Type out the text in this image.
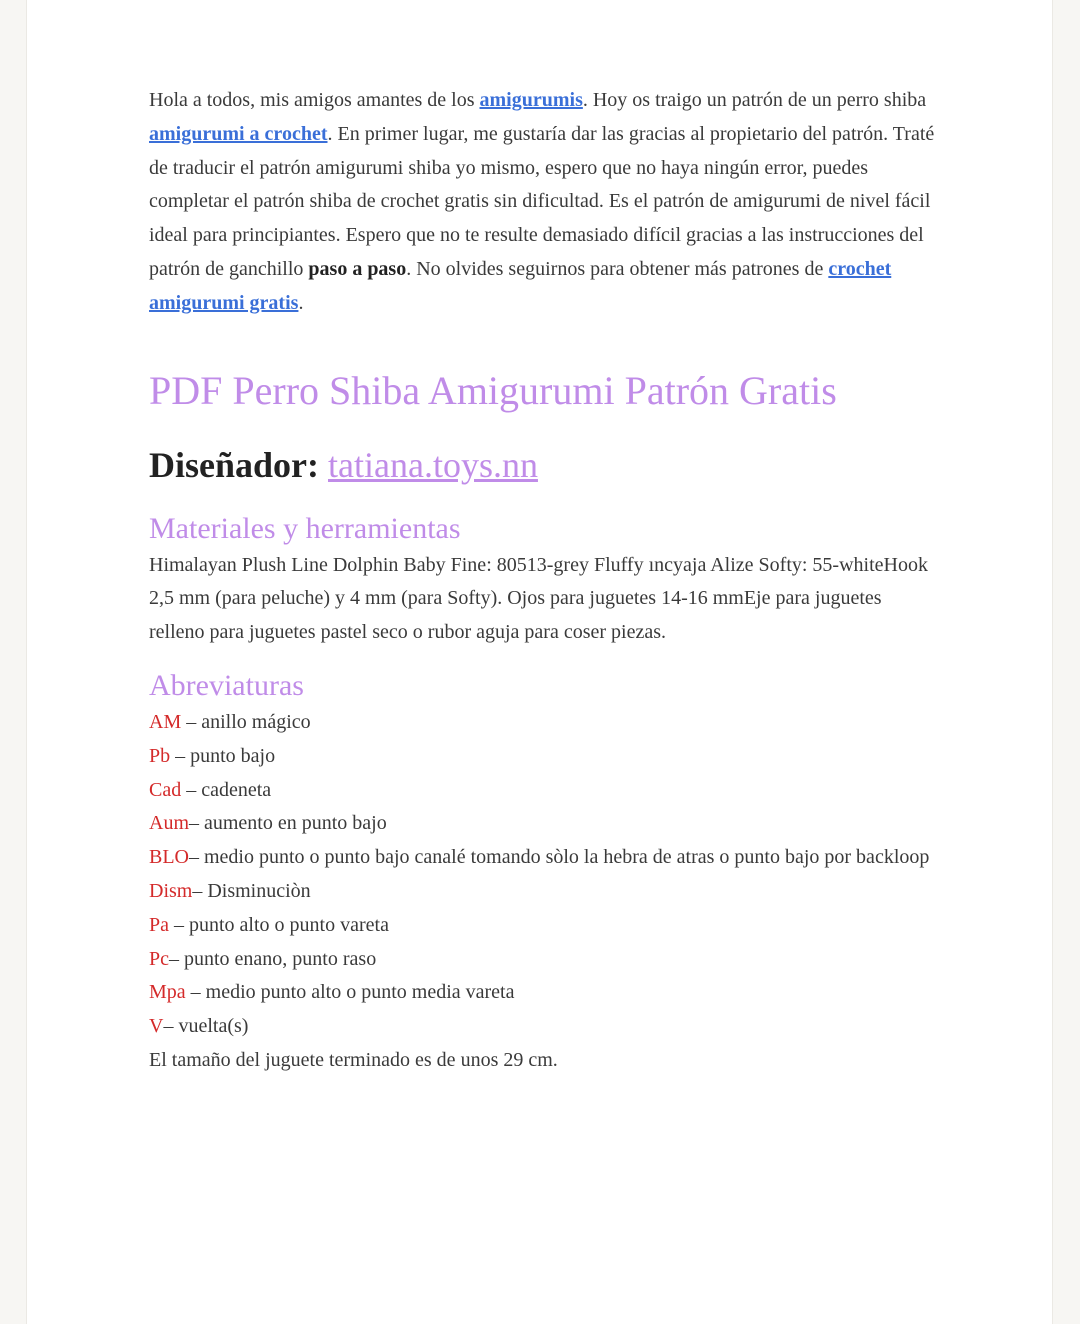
Hola a todos, mis amigos amantes de los amigurumis. Hoy os traigo un patrón de un perro shiba amigurumi a crochet. En primer lugar, me gustaría dar las gracias al propietario del patrón. Traté de traducir el patrón amigurumi shiba yo mismo, espero que no haya ningún error, puedes completar el patrón shiba de crochet gratis sin dificultad. Es el patrón de amigurumi de nivel fácil ideal para principiantes. Espero que no te resulte demasiado difícil gracias a las instrucciones del patrón de ganchillo paso a paso. No olvides seguirnos para obtener más patrones de crochet amigurumi gratis.

PDF Perro Shiba Amigurumi Patrón Gratis
Diseñador: tatiana.toys.nn
Materiales y herramientas

Himalayan Plush Line Dolphin Baby Fine: 80513-grey Fluffy ıncyaja Alize Softy: 55-whiteHook 2,5 mm (para peluche) y 4 mm (para Softy). Ojos para juguetes 14-16 mmEje para juguetes relleno para juguetes pastel seco o rubor aguja para coser piezas.

Abreviaturas
AM – anillo mágico
Pb – punto bajo
Cad – cadeneta
Aum– aumento en punto bajo
BLO– medio punto o punto bajo canalé tomando sòlo la hebra de atras o punto bajo por backloop
Dism– Disminuciòn
Pa – punto alto o punto vareta
Pc– punto enano, punto raso
Mpa – medio punto alto o punto media vareta
V– vuelta(s)

El tamaño del juguete terminado es de unos 29 cm.
